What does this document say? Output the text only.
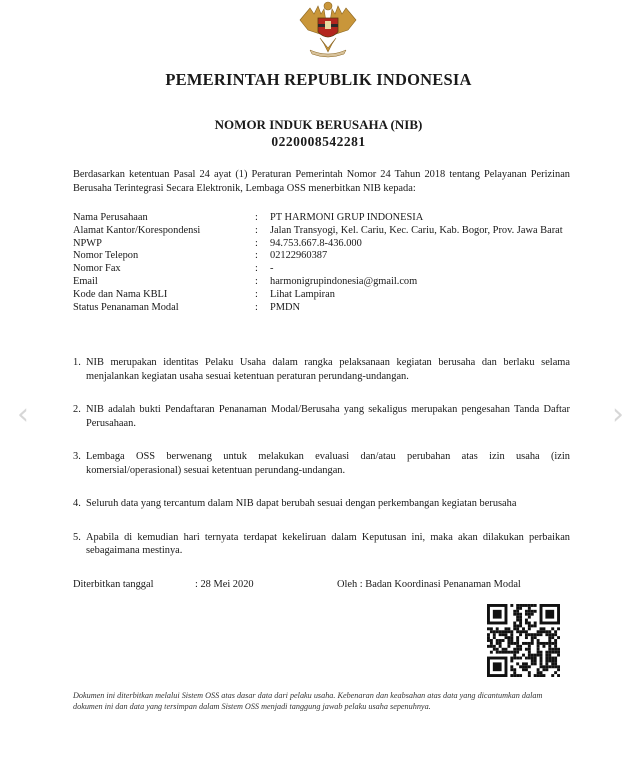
‹	›
PEMERINTAH REPUBLIK INDONESIA
NOMOR INDUK BERUSAHA (NIB)
0220008542281
Berdasarkan ketentuan Pasal 24 ayat (1) Peraturan Pemerintah Nomor 24 Tahun 2018 tentang Pelayanan Perizinan Berusaha Terintegrasi Secara Elektronik, Lembaga OSS menerbitkan NIB kepada:
Nama Perusahaan	: PT HARMONI GRUP INDONESIA
Alamat Kantor/Korespondensi	: Jalan Transyogi, Kel. Cariu, Kec. Cariu, Kab. Bogor, Prov. Jawa Barat
NPWP	: 94.753.667.8-436.000
Nomor Telepon	: 02122960387
Nomor Fax	: -
Email	: harmonigrupindonesia@gmail.com
Kode dan Nama KBLI	: Lihat Lampiran
Status Penanaman Modal	: PMDN
1. NIB merupakan identitas Pelaku Usaha dalam rangka pelaksanaan kegiatan berusaha dan berlaku selama menjalankan kegiatan usaha sesuai ketentuan peraturan perundang-undangan.
2. NIB adalah bukti Pendaftaran Penanaman Modal/Berusaha yang sekaligus merupakan pengesahan Tanda Daftar Perusahaan.
3. Lembaga OSS berwenang untuk melakukan evaluasi dan/atau perubahan atas izin usaha (izin komersial/operasional) sesuai ketentuan perundang-undangan.
4. Seluruh data yang tercantum dalam NIB dapat berubah sesuai dengan perkembangan kegiatan berusaha
5. Apabila di kemudian hari ternyata terdapat kekeliruan dalam Keputusan ini, maka akan dilakukan perbaikan sebagaimana mestinya.
Diterbitkan tanggal	: 28 Mei 2020	Oleh : Badan Koordinasi Penanaman Modal
Dokumen ini diterbitkan melalui Sistem OSS atas dasar data dari pelaku usaha. Kebenaran dan keabsahan atas data yang dicantumkan dalam dokumen ini dan data yang tersimpan dalam Sistem OSS menjadi tanggung jawab pelaku usaha sepenuhnya.
